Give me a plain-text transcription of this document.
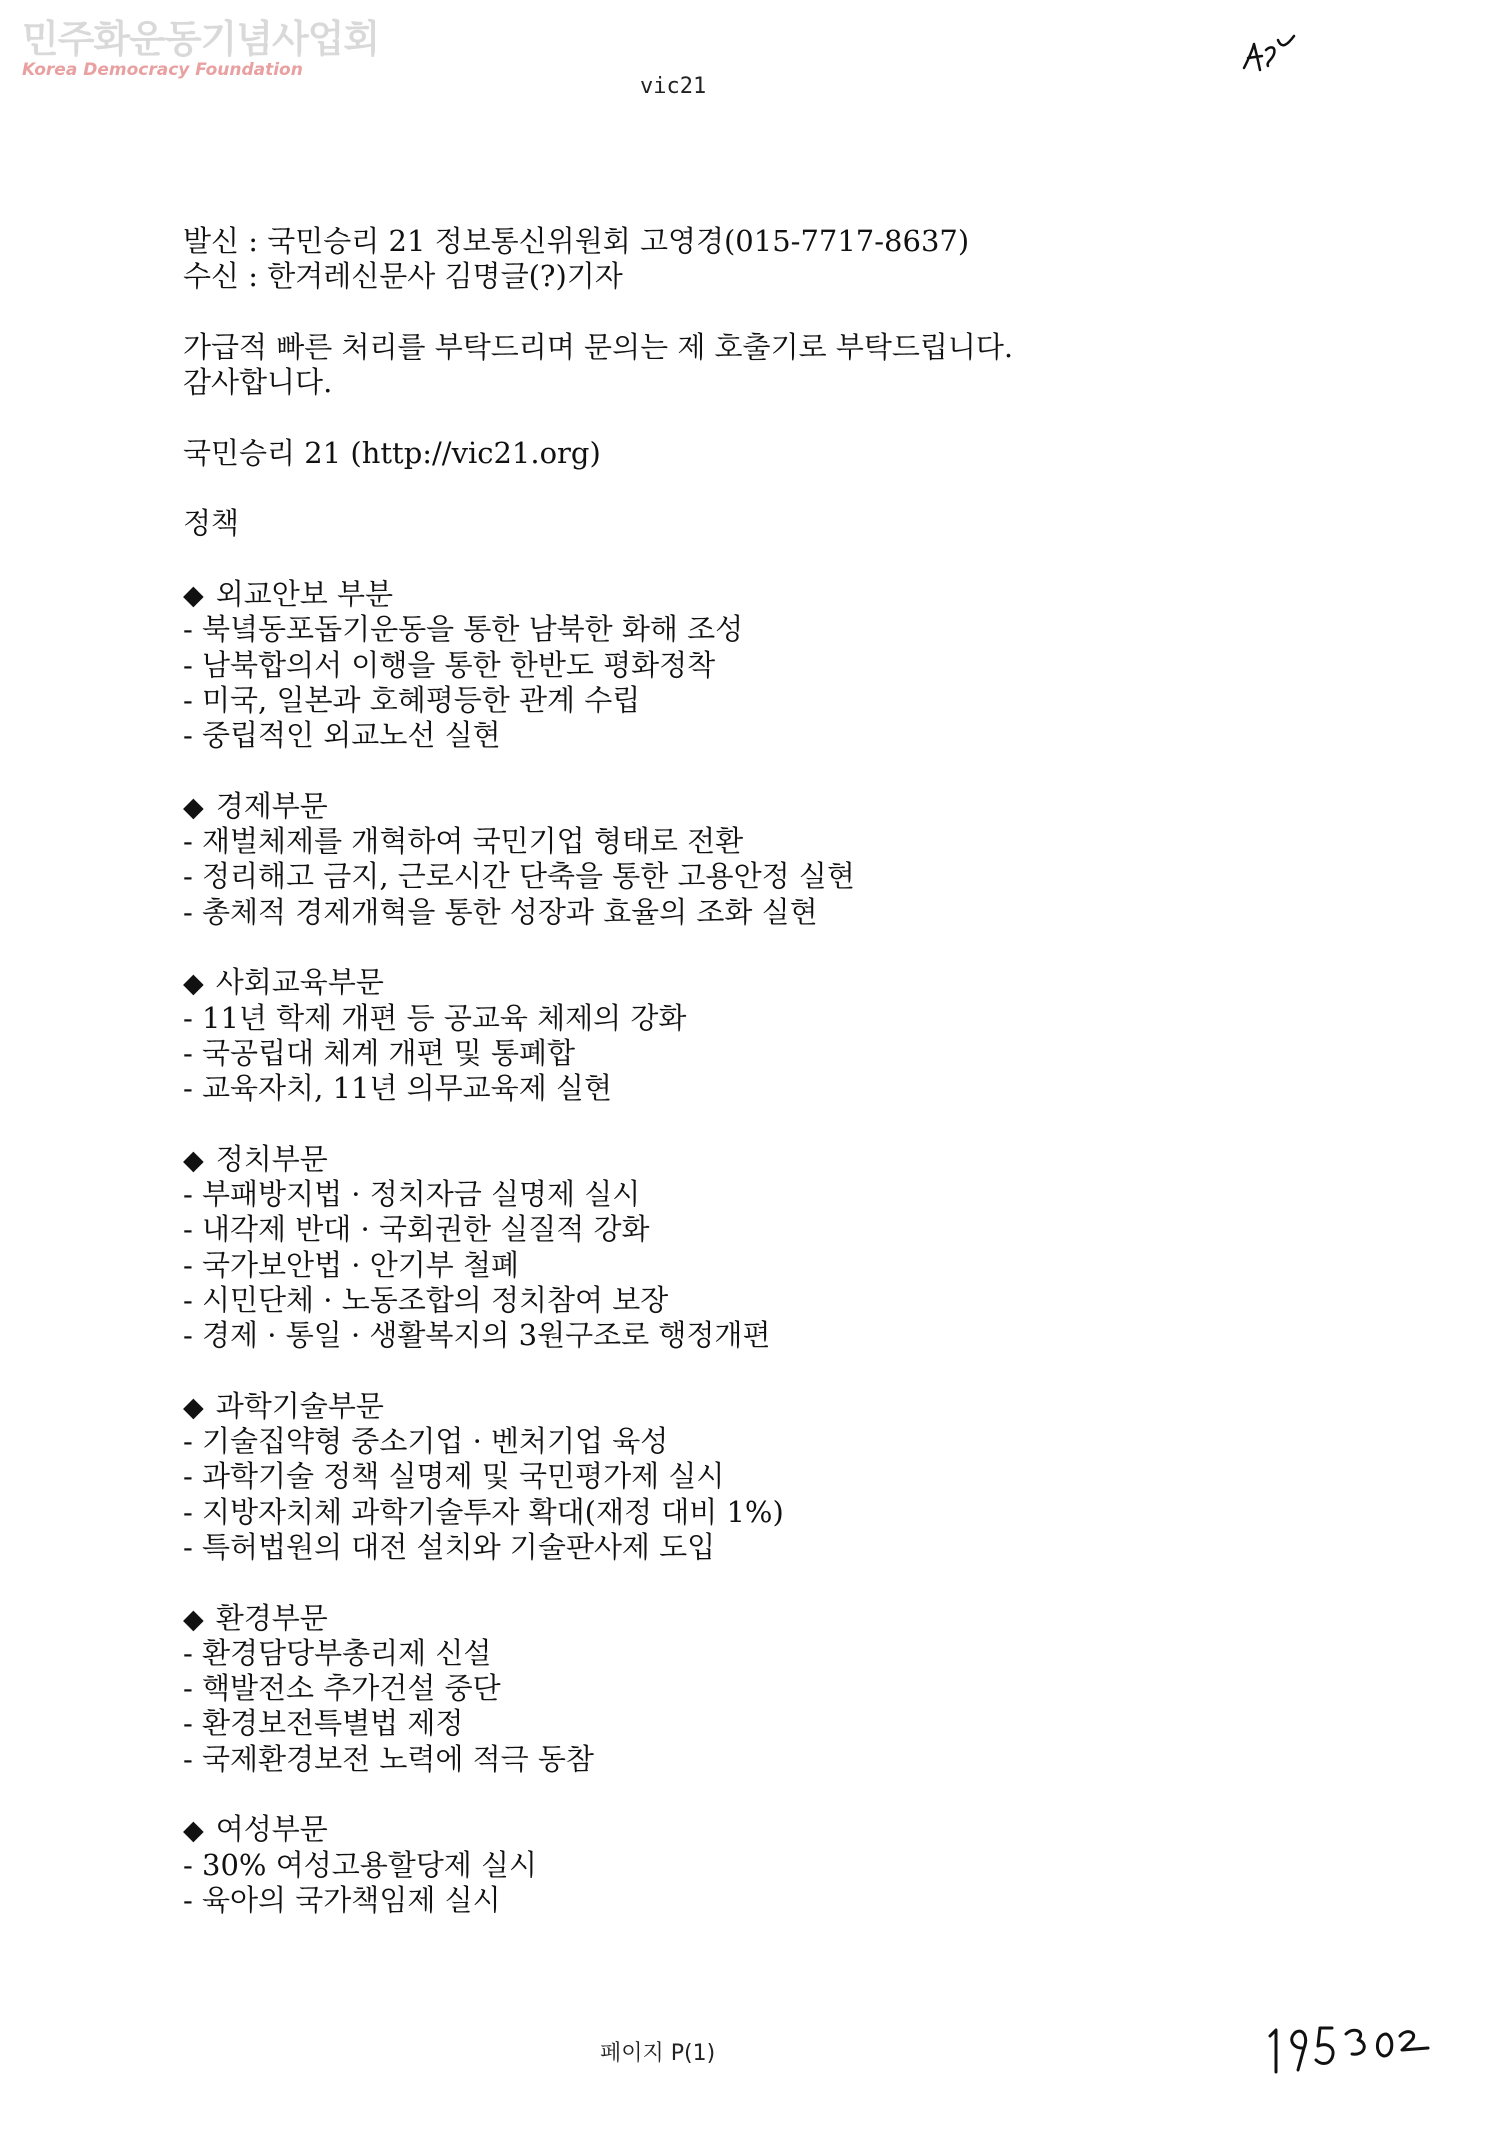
민주화운동기념사업회
Korea Democracy Foundation
vic21
발신 : 국민승리 21 정보통신위원회 고영경(015-7717-8637)
수신 : 한겨레신문사 김명글(?)기자
가급적 빠른 처리를 부탁드리며 문의는 제 호출기로 부탁드립니다.
감사합니다.
국민승리 21 (http://vic21.org)
정책
◆ 외교안보 부분
- 북녘동포돕기운동을 통한 남북한 화해 조성
- 남북합의서 이행을 통한 한반도 평화정착
- 미국, 일본과 호혜평등한 관계 수립
- 중립적인 외교노선 실현
◆ 경제부문
- 재벌체제를 개혁하여 국민기업 형태로 전환
- 정리해고 금지, 근로시간 단축을 통한 고용안정 실현
- 총체적 경제개혁을 통한 성장과 효율의 조화 실현
◆ 사회교육부문
- 11년 학제 개편 등 공교육 체제의 강화
- 국공립대 체계 개편 및 통폐합
- 교육자치, 11년 의무교육제 실현
◆ 정치부문
- 부패방지법 · 정치자금 실명제 실시
- 내각제 반대 · 국회권한 실질적 강화
- 국가보안법 · 안기부 철폐
- 시민단체 · 노동조합의 정치참여 보장
- 경제 · 통일 · 생활복지의 3원구조로 행정개편
◆ 과학기술부문
- 기술집약형 중소기업 · 벤처기업 육성
- 과학기술 정책 실명제 및 국민평가제 실시
- 지방자치체 과학기술투자 확대(재정 대비 1%)
- 특허법원의 대전 설치와 기술판사제 도입
◆ 환경부문
- 환경담당부총리제 신설
- 핵발전소 추가건설 중단
- 환경보전특별법 제정
- 국제환경보전 노력에 적극 동참
◆ 여성부문
- 30% 여성고용할당제 실시
- 육아의 국가책임제 실시
페이지 P(1)
